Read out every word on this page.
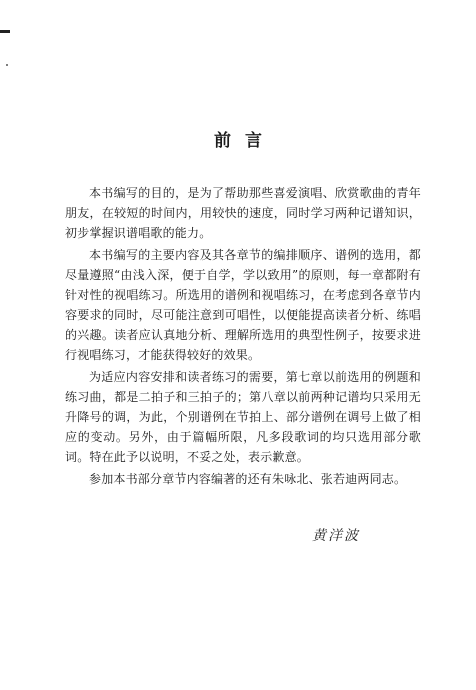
前言

本书编写的目的，是为了帮助那些喜爱演唱、欣赏歌曲的青年朋友，在较短的时间内，用较快的速度，同时学习两种记谱知识，初步掌握识谱唱歌的能力。

本书编写的主要内容及其各章节的编排顺序、谱例的选用，都尽量遵照“由浅入深，便于自学，学以致用”的原则，每一章都附有针对性的视唱练习。所选用的谱例和视唱练习，在考虑到各章节内容要求的同时，尽可能注意到可唱性，以便能提高读者分析、练唱的兴趣。读者应认真地分析、理解所选用的典型性例子，按要求进行视唱练习，才能获得较好的效果。

为适应内容安排和读者练习的需要，第七章以前选用的例题和练习曲，都是二拍子和三拍子的；第八章以前两种记谱均只采用无升降号的调，为此，个别谱例在节拍上、部分谱例在调号上做了相应的变动。另外，由于篇幅所限，凡多段歌词的均只选用部分歌词。特在此予以说明，不妥之处，表示歉意。

参加本书部分章节内容编著的还有朱咏北、张若迪两同志。

黄洋波
